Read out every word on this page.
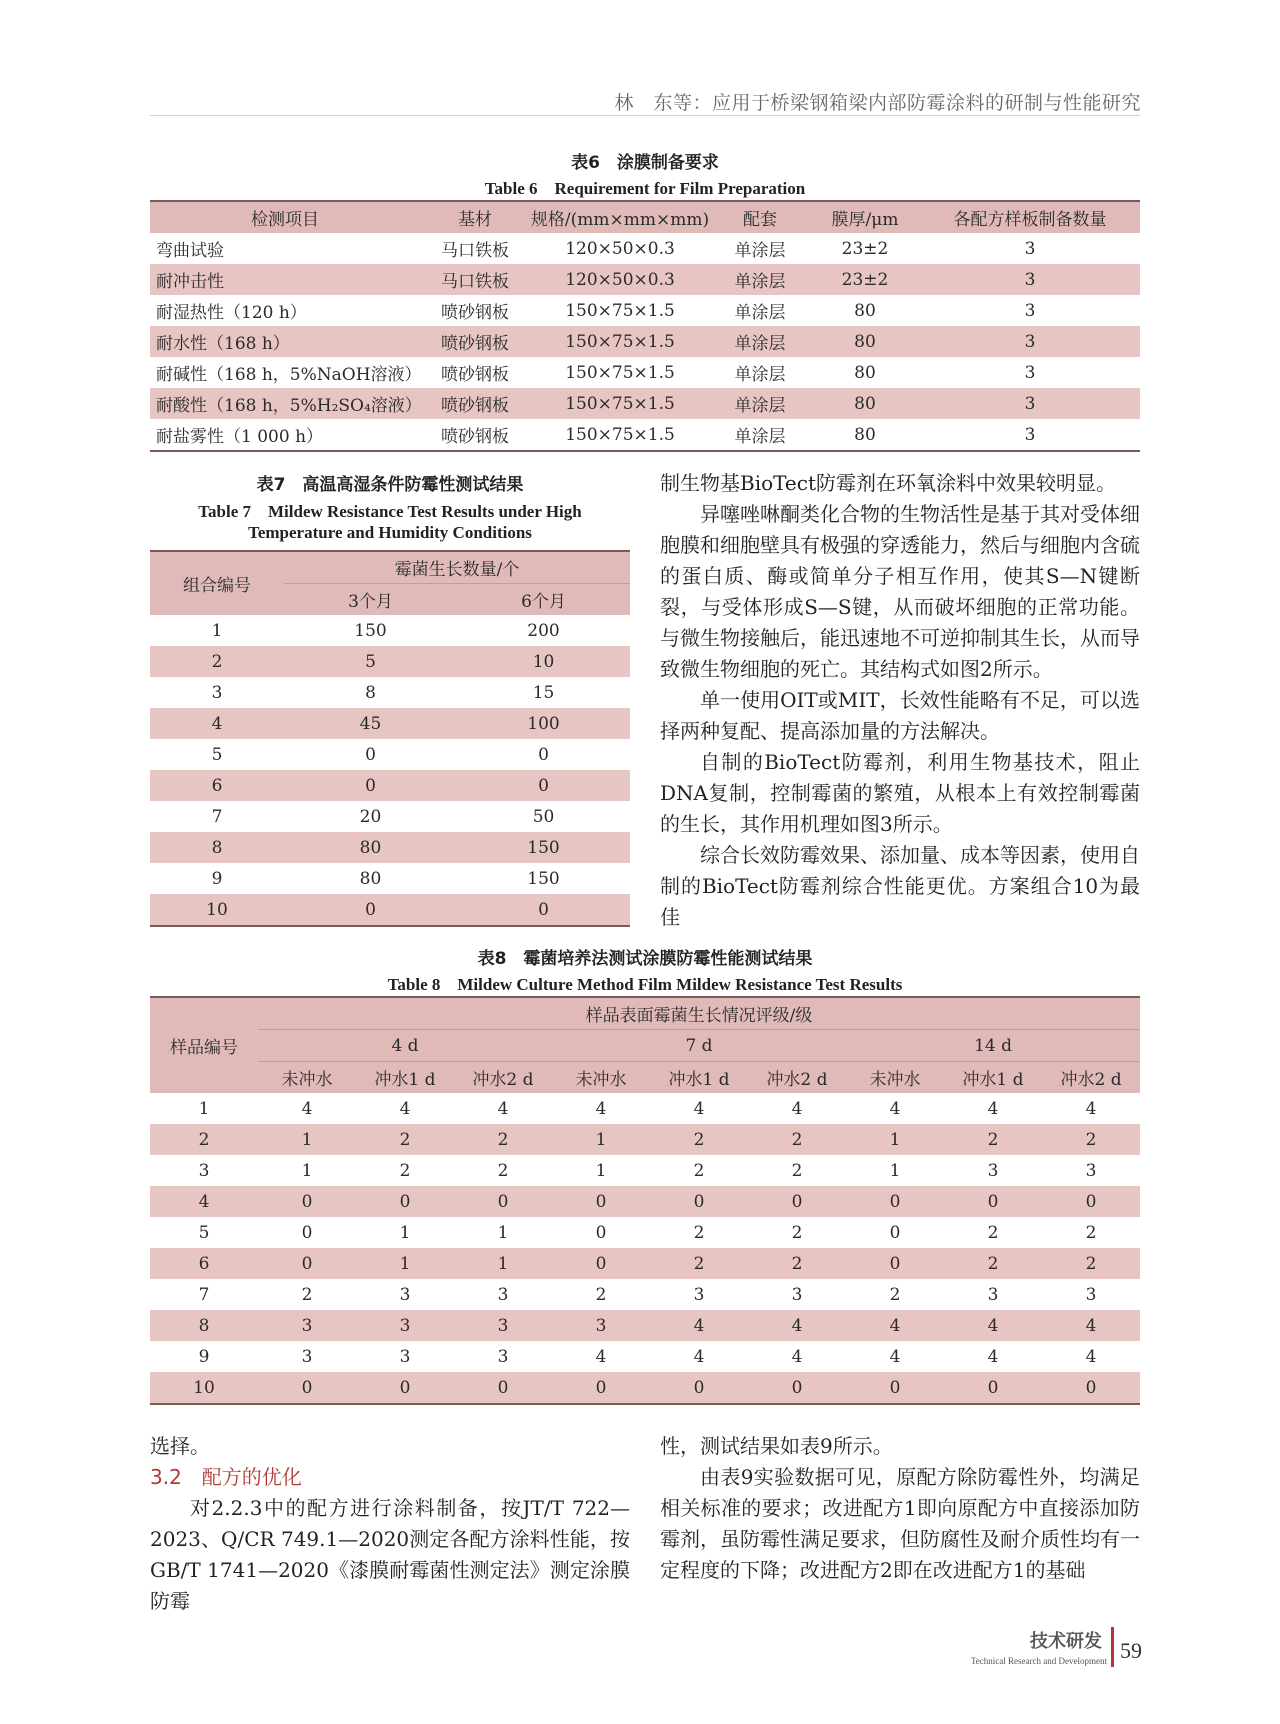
林　东等：应用于桥梁钢箱梁内部防霉涂料的研制与性能研究
表6　涂膜制备要求
Table 6　Requirement for Film Preparation
检测项目	基材	规格/(mm×mm×mm)	配套	膜厚/μm	各配方样板制备数量
弯曲试验	马口铁板	120×50×0.3	单涂层	23±2	3
耐冲击性	马口铁板	120×50×0.3	单涂层	23±2	3
耐湿热性（120 h）	喷砂钢板	150×75×1.5	单涂层	80	3
耐水性（168 h）	喷砂钢板	150×75×1.5	单涂层	80	3
耐碱性（168 h，5%NaOH溶液）	喷砂钢板	150×75×1.5	单涂层	80	3
耐酸性（168 h，5%H₂SO₄溶液）	喷砂钢板	150×75×1.5	单涂层	80	3
耐盐雾性（1 000 h）	喷砂钢板	150×75×1.5	单涂层	80	3
表7　高温高湿条件防霉性测试结果
Table 7　Mildew Resistance Test Results under High
Temperature and Humidity Conditions
组合编号	霉菌生长数量/个	
	3个月	6个月
1	150	200
2	5	10
3	8	15
4	45	100
5	0	0
6	0	0
7	20	50
8	80	150
9	80	150
10	0	0

制生物基BioTect防霉剂在环氧涂料中效果较明显。

异噻唑啉酮类化合物的生物活性是基于其对受体细胞膜和细胞壁具有极强的穿透能力，然后与细胞内含硫的蛋白质、酶或简单分子相互作用，使其S—N键断裂，与受体形成S—S键，从而破坏细胞的正常功能。与微生物接触后，能迅速地不可逆抑制其生长，从而导致微生物细胞的死亡。其结构式如图2所示。

单一使用OIT或MIT，长效性能略有不足，可以选择两种复配、提高添加量的方法解决。

自制的BioTect防霉剂，利用生物基技术，阻止DNA复制，控制霉菌的繁殖，从根本上有效控制霉菌的生长，其作用机理如图3所示。

综合长效防霉效果、添加量、成本等因素，使用自制的BioTect防霉剂综合性能更优。方案组合10为最佳

表8　霉菌培养法测试涂膜防霉性能测试结果
Table 8　Mildew Culture Method Film Mildew Resistance Test Results
样品编号	样品表面霉菌生长情况评级/级								
	4 d			7 d			14 d		
	未冲水	冲水1 d	冲水2 d	未冲水	冲水1 d	冲水2 d	未冲水	冲水1 d	冲水2 d
1	4	4	4	4	4	4	4	4	4
2	1	2	2	1	2	2	1	2	2
3	1	2	2	1	2	2	1	3	3
4	0	0	0	0	0	0	0	0	0
5	0	1	1	0	2	2	0	2	2
6	0	1	1	0	2	2	0	2	2
7	2	3	3	2	3	3	2	3	3
8	3	3	3	3	4	4	4	4	4
9	3	3	3	4	4	4	4	4	4
10	0	0	0	0	0	0	0	0	0

选择。

3.2　配方的优化

对2.2.3中的配方进行涂料制备，按JT/T 722—2023、Q/CR 749.1—2020测定各配方涂料性能，按GB/T 1741—2020《漆膜耐霉菌性测定法》测定涂膜防霉

性，测试结果如表9所示。

由表9实验数据可见，原配方除防霉性外，均满足相关标准的要求；改进配方1即向原配方中直接添加防霉剂，虽防霉性满足要求，但防腐性及耐介质性均有一定程度的下降；改进配方2即在改进配方1的基础

技术研发
Technical Research and Development 59
